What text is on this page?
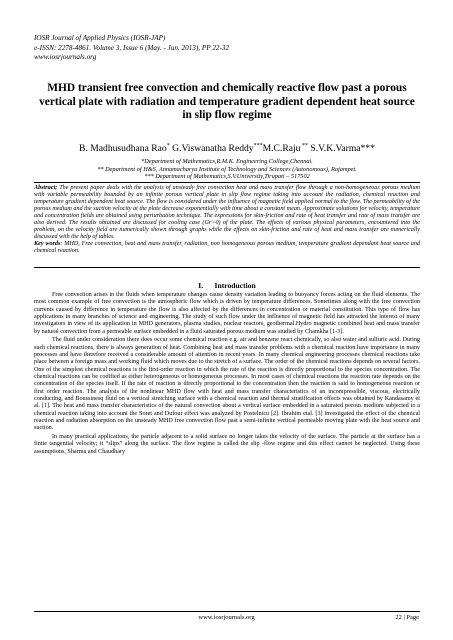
IOSR Journal of Applied Physics (IOSR-JAP)
e-ISSN: 2278-4861. Volume 3, Issue 6 (May. - Jun. 2013), PP 22-32
www.iosrjournals.org
MHD transient free convection and chemically reactive flow past a porous vertical plate with radiation and temperature gradient dependent heat source in slip flow regime
B. Madhusudhana Rao* G.Viswanatha Reddy***M.C.Raju ** S.V.K.Varma***
*Department of Mathematics,R.M.K. Engineering College,Chennai.
** Department of H&S, Annamacharya Institute of Technology and Sciences (Autonomous), Rajampet.
*** Department of Mathematics,S.V.University,Tirupati – 517502
Abstract; The present paper deals with the analysis of unsteady free convection heat and mass transfer flow through a non-homogeneous porous medium with variable permeability bounded by an infinite porous vertical plate in slip flow regime taking into account the radiation, chemical reaction and temperature gradient dependent heat source. The flow is considered under the influence of magnetic field applied normal to the flow. The permeability of the porous medium and the suction velocity at the plate decrease exponentially with time about a constant mean. Approximate solutions for velocity, temperature and concentration fields are obtained using perturbation technique. The expressions for skin-friction and rate of heat transfer and rate of mass transfer are also derived. The results obtained are discussed for cooling case (Gr>0) of the plate. The effects of various physical parameters, encountered into the problem, on the velocity field are numerically shown through graphs while the effects on skin-friction and rate of heat and mass transfer are numerically discussed with the help of tables.
Key words: MHD, Free convection, heat and mass transfer, radiation, non homogeneous porous medium, temperature gradient dependant heat source and chemical reaction.
I.      Introduction

Free convection arises in the fluids when temperature changes cause density variation leading to buoyancy forces acting on the fluid elements. The most common example of free convection is the atmospheric flow which is driven by temperature differences. Sometimes along with the free convection currents caused by difference in temperature the flow is also affected by the differences in concentration or material constitution. This type of flow has applications in many branches of science and engineering. The study of such flow under the influence of magnetic field has attracted the interest of many investigators in view of its application in MHD generators, plasma studies, nuclear reactors, geothermal.Hydro magnetic combined heat and mass transfer by natural convection from a permeable surface embedded in a fluid saturated porous medium was studied by Chamkha [1-3].

The fluid under consideration there does occur some chemical reaction e.g. air and benzene react chemically, so also water and sulfuric acid. During such chemical reactions, there is always generation of heat. Combining heat and mass transfer problems with a chemical reaction have importance in many processes and have therefore received a considerable amount of attention in recent years. In many chemical engineering processes chemical reactions take place between a foreign mass and working fluid which moves due to the stretch of a surface. The order of the chemical reactions depends on several factors. One of the simplest chemical reactions is the first-order reaction in which the rate of the reaction is directly proportional to the species concentration. The chemical reactions can be codified as either heterogeneous or homogeneous processes. In most cases of chemical reactions the reaction rate depends on the concentration of the species itself. If the rate of reaction is directly proportional to the concentration then the reaction is said to homogeneous reaction or first order reaction. The analysis of the nonlinear MHD flow with heat and mass transfer characteristics of an incompressible, viscous, electrically conducting, and Boussinesq fluid on a vertical stretching surface with a chemical reaction and thermal stratification effects was obtained by Kandasamy et al. [1]. The heat and mass transfer characteristics of the natural convection about a vertical surface embedded in a saturated porous medium subjected to a chemical reaction taking into account the Soret and Dufour effect was analyzed by Postelnicu [2]. Ibrahim etal. [3] investigated the effect of the chemical reaction and radiation absorption on the unsteady MHD free convection flow past a semi-infinite vertical permeable moving plate with the heat source and suction.

In many practical applications, the particle adjacent to a solid surface no longer takes the velocity of the surface. The particle at the surface has a finite tangential velocity; it “slips” along the surface. The flow regime is called the slip -flow regime and this effect cannot be neglected. Using these assumptions, Sharma and Chaudhary

www.iosrjournals.org	22 | Page
